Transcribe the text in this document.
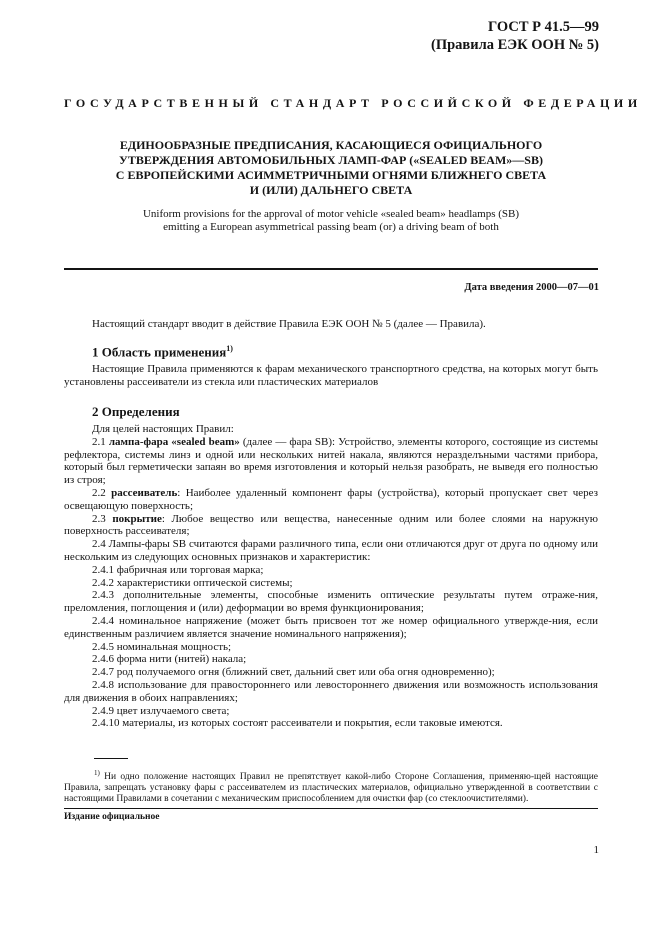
ГОСТ Р 41.5—99
(Правила ЕЭК ООН № 5)
ГОСУДАРСТВЕННЫЙ СТАНДАРТ РОССИЙСКОЙ ФЕДЕРАЦИИ
ЕДИНООБРАЗНЫЕ ПРЕДПИСАНИЯ, КАСАЮЩИЕСЯ ОФИЦИАЛЬНОГО
УТВЕРЖДЕНИЯ АВТОМОБИЛЬНЫХ ЛАМП-ФАР («SEALED BEAM»—SB)
С ЕВРОПЕЙСКИМИ АСИММЕТРИЧНЫМИ ОГНЯМИ БЛИЖНЕГО СВЕТА
И (ИЛИ) ДАЛЬНЕГО СВЕТА
Uniform provisions for the approval of motor vehicle «sealed beam» headlamps (SB)
emitting a European asymmetrical passing beam (or) a driving beam of both
Дата введения 2000—07—01
Настоящий стандарт вводит в действие Правила ЕЭК ООН № 5 (далее — Правила).
1 Область применения$^{1)}$
Настоящие Правила применяются к фарам механического транспортного средства, на которых могут быть установлены рассеиватели из стекла или пластических материалов
2 Определения

Для целей настоящих Правил:

2.1 лампа-фара «sealed beam» (далее — фара SB): Устройство, элементы которого, состоящие из системы рефлектора, системы линз и одной или нескольких нитей накала, являются неразделъными частями прибора, который был герметически запаян во время изготовления и который нельзя разобрать, не выведя его полностью из строя;

2.2 рассеиватель: Наиболее удаленный компонент фары (устройства), который пропускает свет через освещающую поверхность;

2.3 покрытие: Любое вещество или вещества, нанесенные одним или более слоями на наружную поверхность рассеивателя;

2.4 Лампы-фары SB считаются фарами различного типа, если они отличаются друг от друга по одному или нескольким из следующих основных признаков и характеристик:

2.4.1 фабричная или торговая марка;

2.4.2 характеристики оптической системы;

2.4.3 дополнительные элементы, способные изменить оптические результаты путем отраже-ния, преломления, поглощения и (или) деформации во время функционирования;

2.4.4 номинальное напряжение (может быть присвоен тот же номер официального утвержде-ния, если единственным различием является значение номинального напряжения);

2.4.5 номинальная мощность;

2.4.6 форма нити (нитей) накала;

2.4.7 род получаемого огня (ближний свет, дальний свет или оба огня одновременно);

2.4.8 использование для правостороннего или левостороннего движения или возможность использования для движения в обоих направлениях;

2.4.9 цвет излучаемого света;

2.4.10 материалы, из которых состоят рассеиватели и покрытия, если таковые имеются.

$^{1)}$ Ни одно положение настоящих Правил не препятствует какой-либо Стороне Соглашения, применяю-щей настоящие Правила, запрещать установку фары с рассеивателем из пластических материалов, официально утвержденной в соответствии с настоящими Правилами в сочетании с механическим приспособлением для очистки фар (со стеклоочистителями).
Издание официальное
1
